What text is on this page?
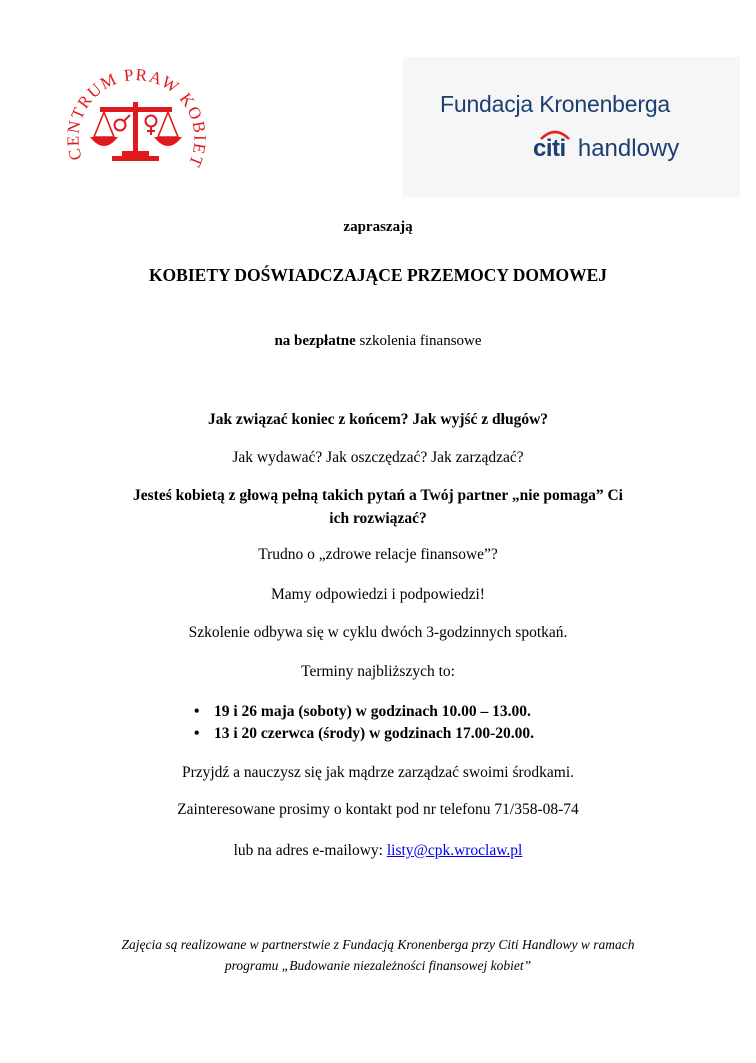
CENTRUM PRAW KOBIET
Fundacja Kronenberga
citi handlowy
zapraszają
KOBIETY DOŚWIADCZAJĄCE PRZEMOCY DOMOWEJ
na bezpłatne szkolenia finansowe
Jak związać koniec z końcem? Jak wyjść z długów?
Jak wydawać? Jak oszczędzać? Jak zarządzać?
Jesteś kobietą z głową pełną takich pytań a Twój partner „nie pomaga” Ci
ich rozwiązać?
Trudno o „zdrowe relacje finansowe”?
Mamy odpowiedzi i podpowiedzi!
Szkolenie odbywa się w cyklu dwóch 3-godzinnych spotkań.
Terminy najbliższych to:
• 19 i 26 maja (soboty) w godzinach 10.00 – 13.00.
• 13 i 20 czerwca (środy) w godzinach 17.00-20.00.
Przyjdź a nauczysz się jak mądrze zarządzać swoimi środkami.
Zainteresowane prosimy o kontakt pod nr telefonu 71/358-08-74
lub na adres e-mailowy: listy@cpk.wroclaw.pl
Zajęcia są realizowane w partnerstwie z Fundacją Kronenberga przy Citi Handlowy w ramach
programu „Budowanie niezależności finansowej kobiet”
